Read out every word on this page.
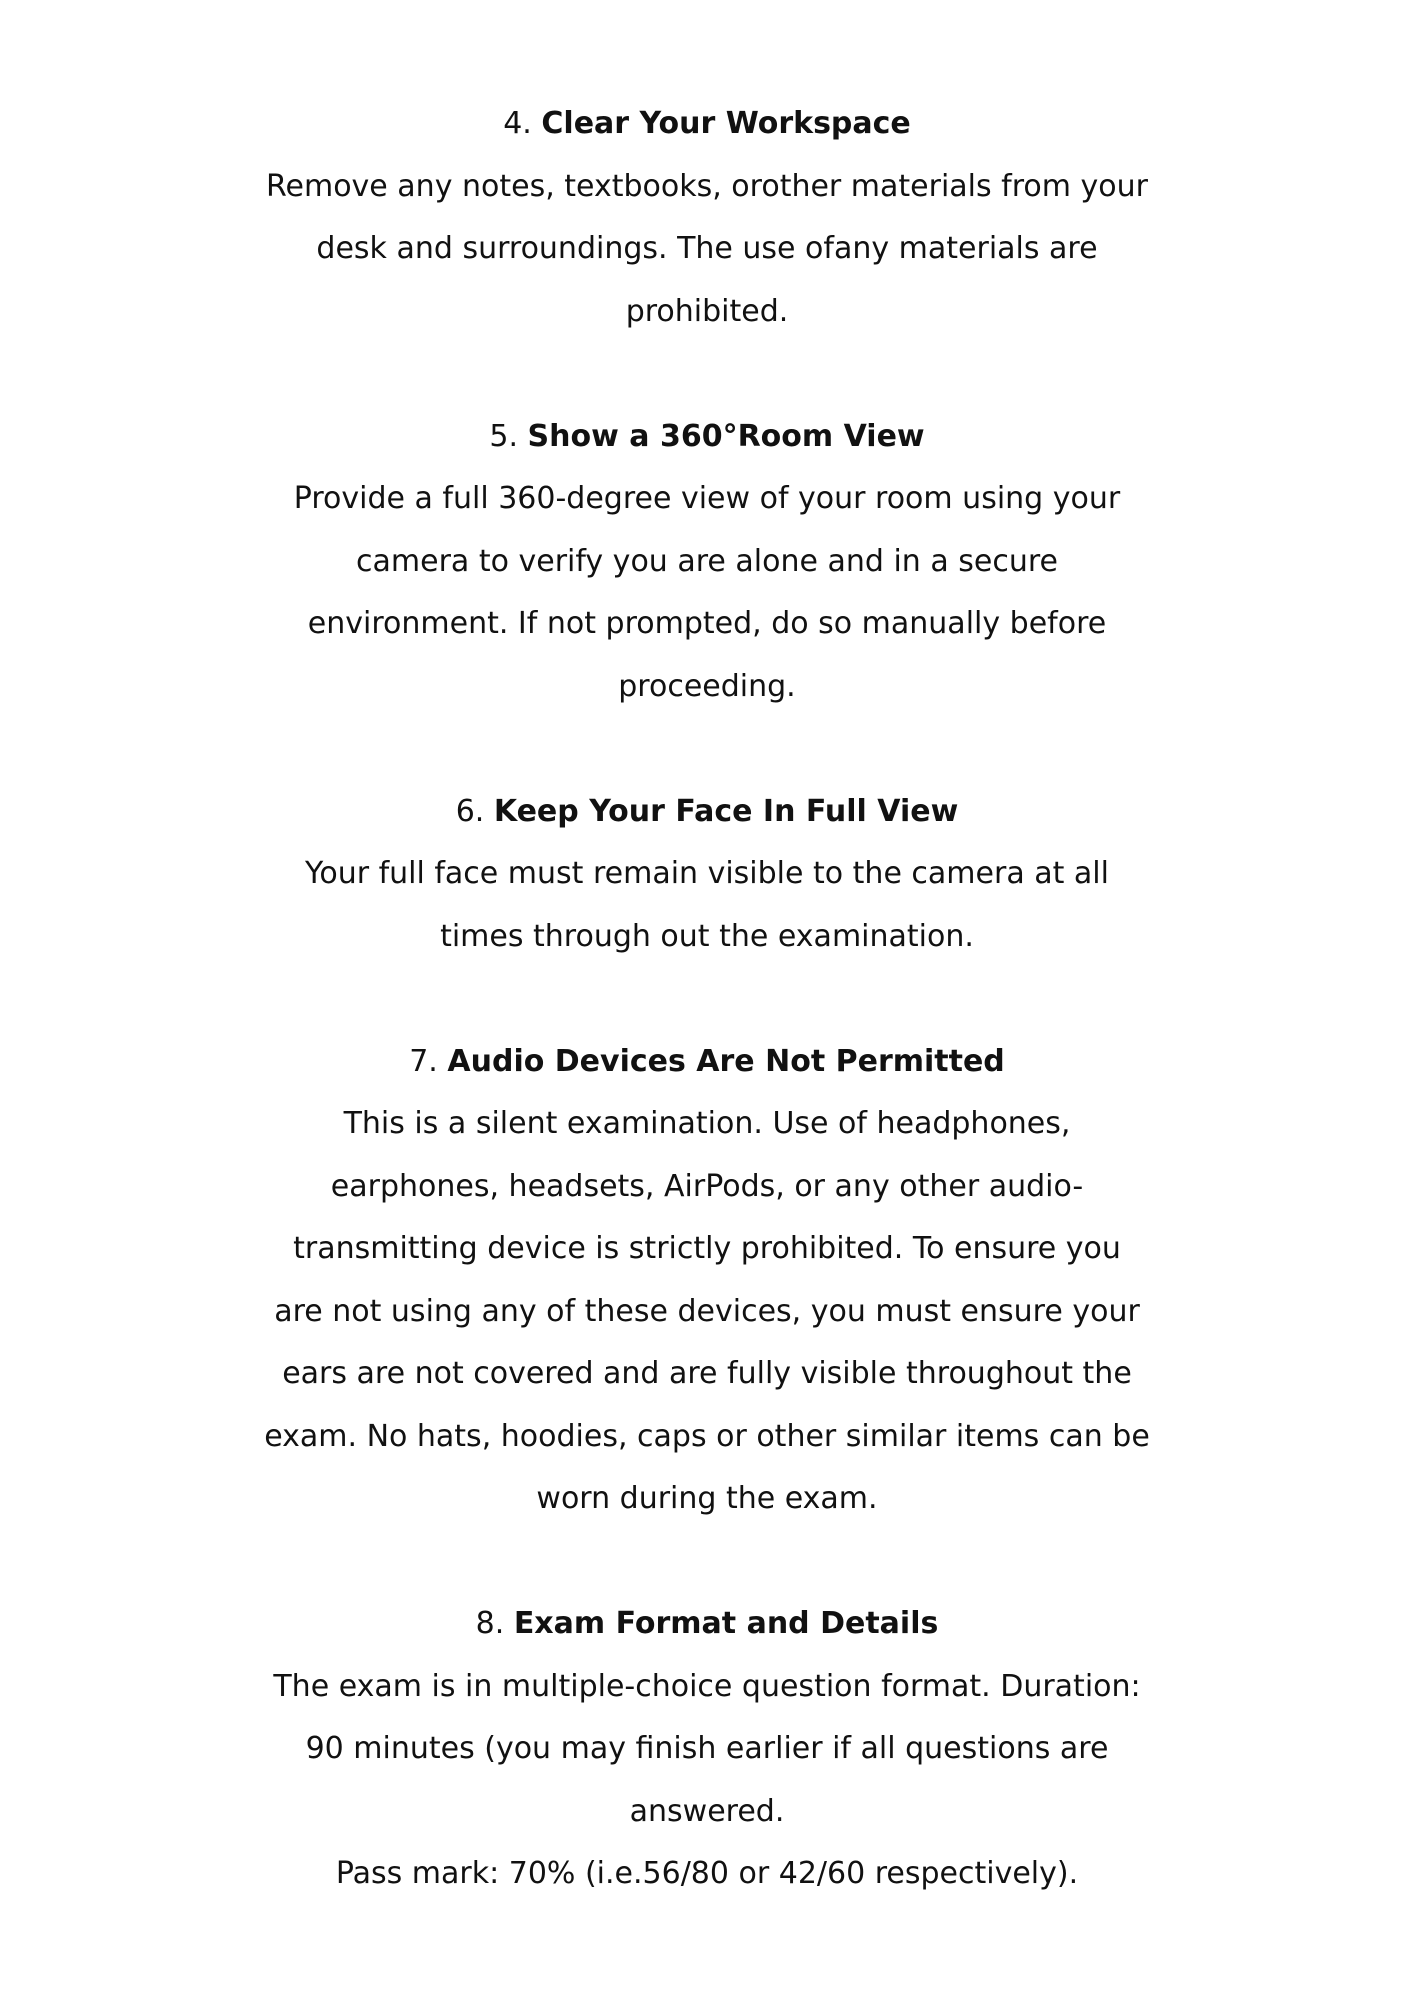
4. Clear Your Workspace
Remove any notes, textbooks, orother materials from your
desk and surroundings. The use ofany materials are
prohibited.
5. Show a 360°Room View
Provide a full 360-degree view of your room using your
camera to verify you are alone and in a secure
environment. If not prompted, do so manually before
proceeding.
6. Keep Your Face In Full View
Your full face must remain visible to the camera at all
times through out the examination.
7. Audio Devices Are Not Permitted
This is a silent examination. Use of headphones,
earphones, headsets, AirPods, or any other audio-
transmitting device is strictly prohibited. To ensure you
are not using any of these devices, you must ensure your
ears are not covered and are fully visible throughout the
exam. No hats, hoodies, caps or other similar items can be
worn during the exam.
8. Exam Format and Details
The exam is in multiple-choice question format. Duration:
90 minutes (you may finish earlier if all questions are
answered.
Pass mark: 70% (i.e.56/80 or 42/60 respectively).
